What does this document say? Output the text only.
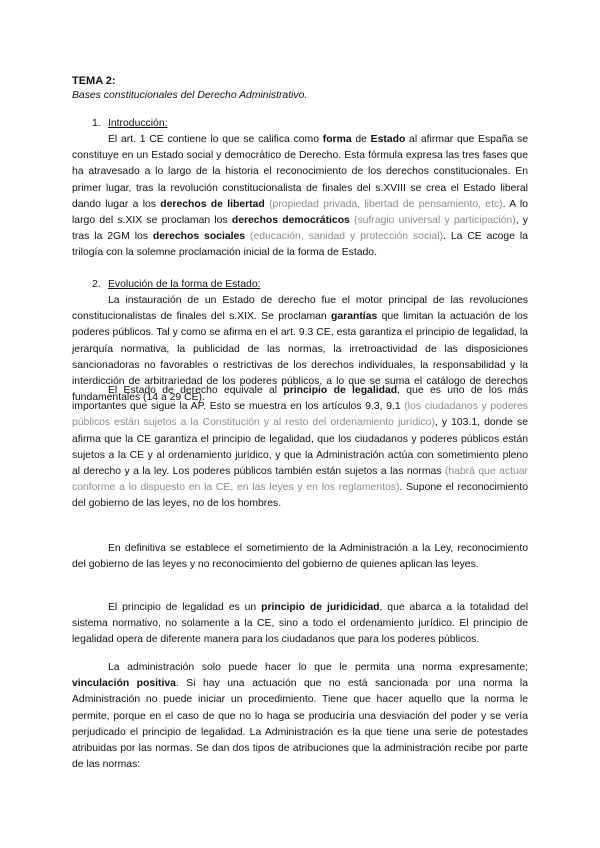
TEMA 2:
Bases constitucionales del Derecho Administrativo.
1. Introducción:

El art. 1 CE contiene lo que se califica como forma de Estado al afirmar que España se constituye en un Estado social y democrático de Derecho. Esta fórmula expresa las tres fases que ha atravesado a lo largo de la historia el reconocimiento de los derechos constitucionales. En primer lugar, tras la revolución constitucionalista de finales del s.XVIII se crea el Estado liberal dando lugar a los derechos de libertad (propiedad privada, libertad de pensamiento, etc). A lo largo del s.XIX se proclaman los derechos democráticos (sufragio universal y participación), y tras la 2GM los derechos sociales (educación, sanidad y protección social). La CE acoge la trilogía con la solemne proclamación inicial de la forma de Estado.

2. Evolución de la forma de Estado:

La instauración de un Estado de derecho fue el motor principal de las revoluciones constitucionalistas de finales del s.XIX. Se proclaman garantías que limitan la actuación de los poderes públicos. Tal y como se afirma en el art. 9.3 CE, esta garantiza el principio de legalidad, la jerarquía normativa, la publicidad de las normas, la irretroactividad de las disposiciones sancionadoras no favorables o restrictivas de los derechos individuales, la responsabilidad y la interdicción de arbitrariedad de los poderes públicos, a lo que se suma el catálogo de derechos fundamentales (14 a 29 CE).

El Estado de derecho equivale al principio de legalidad, que es uno de los más importantes que sigue la AP. Esto se muestra en los artículos 9.3, 9.1 (los ciudadanos y poderes públicos están sujetos a la Constitución y al resto del ordenamiento jurídico), y 103.1, donde se afirma que la CE garantiza el principio de legalidad, que los ciudadanos y poderes públicos están sujetos a la CE y al ordenamiento jurídico, y que la Administración actúa con sometimiento pleno al derecho y a la ley. Los poderes públicos también están sujetos a las normas (habrá que actuar conforme a lo dispuesto en la CE, en las leyes y en los reglamentos). Supone el reconocimiento del gobierno de las leyes, no de los hombres.

En definitiva se establece el sometimiento de la Administración a la Ley, reconocimiento del gobierno de las leyes y no reconocimiento del gobierno de quienes aplican las leyes.

El principio de legalidad es un principio de juridicidad, que abarca a la totalidad del sistema normativo, no solamente a la CE, sino a todo el ordenamiento jurídico. El principio de legalidad opera de diferente manera para los ciudadanos que para los poderes públicos.

La administración solo puede hacer lo que le permita una norma expresamente; vinculación positiva. Si hay una actuación que no está sancionada por una norma la Administración no puede iniciar un procedimiento. Tiene que hacer aquello que la norma le permite, porque en el caso de que no lo haga se produciría una desviación del poder y se vería perjudicado el principio de legalidad. La Administración es la que tiene una serie de potestades atribuidas por las normas. Se dan dos tipos de atribuciones que la administración recibe por parte de las normas:
